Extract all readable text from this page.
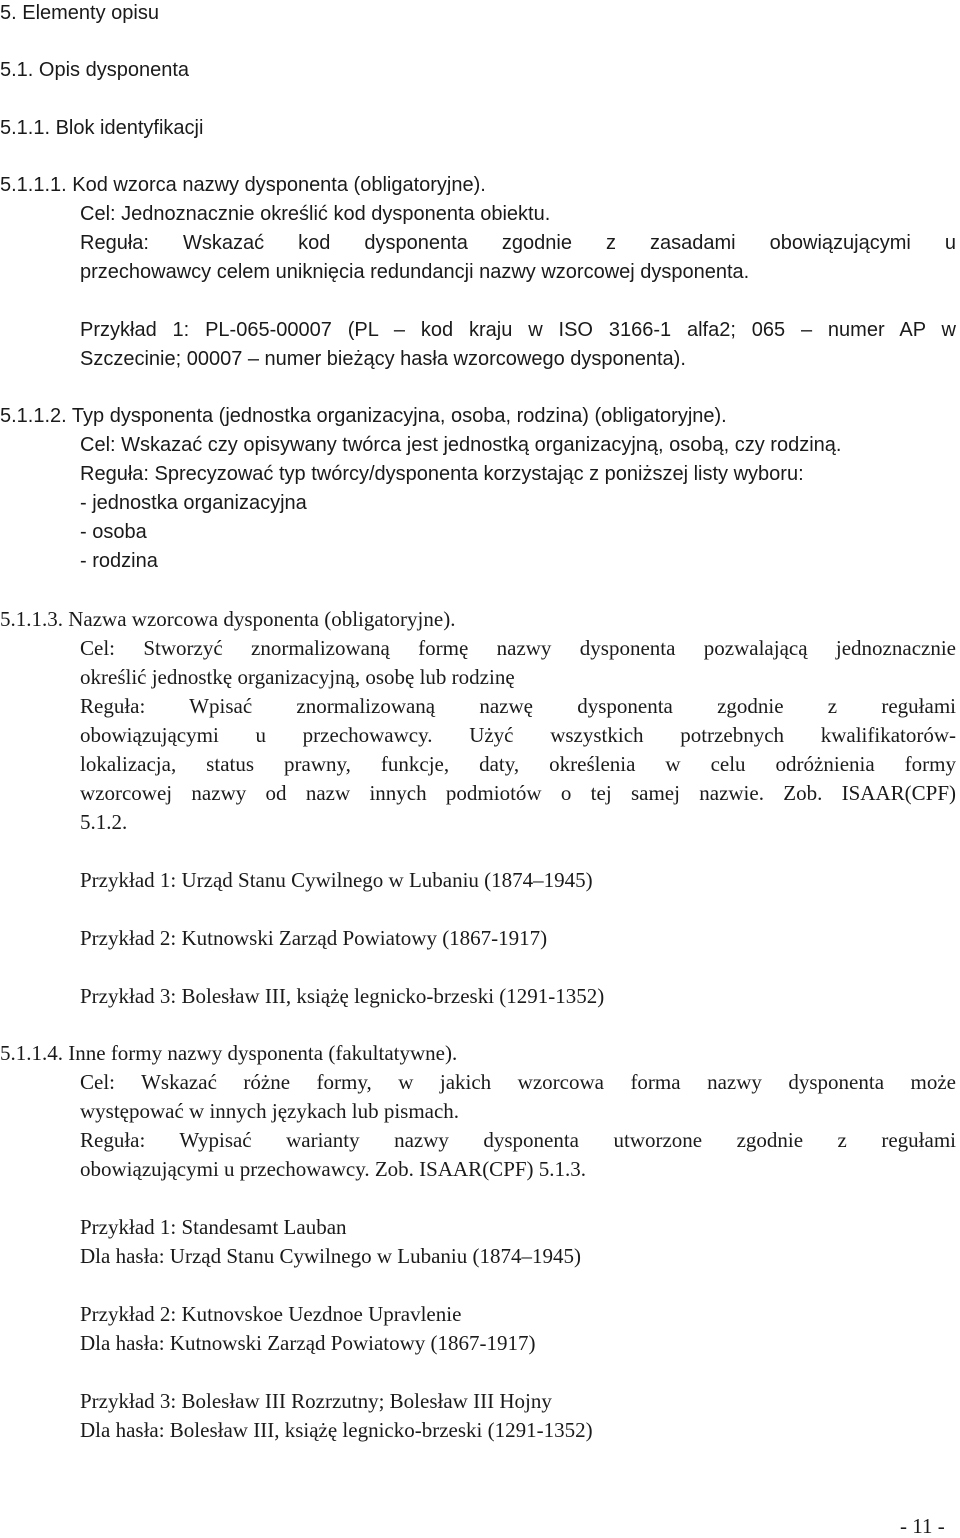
5. Elementy opisu
5.1. Opis dysponenta
5.1.1. Blok identyfikacji
5.1.1.1. Kod wzorca nazwy dysponenta (obligatoryjne).
Cel: Jednoznacznie określić kod dysponenta obiektu.
Reguła: Wskazać kod dysponenta zgodnie z zasadami obowiązującymi u
przechowawcy celem uniknięcia redundancji nazwy wzorcowej dysponenta.
Przykład 1: PL-065-00007 (PL – kod kraju w ISO 3166-1 alfa2; 065 – numer AP w
Szczecinie; 00007 – numer bieżący hasła wzorcowego dysponenta).
5.1.1.2. Typ dysponenta (jednostka organizacyjna, osoba, rodzina) (obligatoryjne).
Cel: Wskazać czy opisywany twórca jest jednostką organizacyjną, osobą, czy rodziną.
Reguła: Sprecyzować typ twórcy/dysponenta korzystając z poniższej listy wyboru:
- jednostka organizacyjna
- osoba
- rodzina
5.1.1.3. Nazwa wzorcowa dysponenta (obligatoryjne).
Cel: Stworzyć znormalizowaną formę nazwy dysponenta pozwalającą jednoznacznie
określić jednostkę organizacyjną, osobę lub rodzinę
Reguła: Wpisać znormalizowaną nazwę dysponenta zgodnie z regułami
obowiązującymi u przechowawcy. Użyć wszystkich potrzebnych kwalifikatorów-
lokalizacja, status prawny, funkcje, daty, określenia w celu odróżnienia formy
wzorcowej nazwy od nazw innych podmiotów o tej samej nazwie. Zob. ISAAR(CPF)
5.1.2.
Przykład 1: Urząd Stanu Cywilnego w Lubaniu (1874–1945)
Przykład 2: Kutnowski Zarząd Powiatowy (1867-1917)
Przykład 3: Bolesław III, książę legnicko-brzeski (1291-1352)
5.1.1.4. Inne formy nazwy dysponenta (fakultatywne).
Cel: Wskazać różne formy, w jakich wzorcowa forma nazwy dysponenta może
występować w innych językach lub pismach.
Reguła: Wypisać warianty nazwy dysponenta utworzone zgodnie z regułami
obowiązującymi u przechowawcy. Zob. ISAAR(CPF) 5.1.3.
Przykład 1: Standesamt Lauban
Dla hasła: Urząd Stanu Cywilnego w Lubaniu (1874–1945)
Przykład 2: Kutnovskoe Uezdnoe Upravlenie
Dla hasła: Kutnowski Zarząd Powiatowy (1867-1917)
Przykład 3: Bolesław III Rozrzutny; Bolesław III Hojny
Dla hasła: Bolesław III, książę legnicko-brzeski (1291-1352)
- 11 -
